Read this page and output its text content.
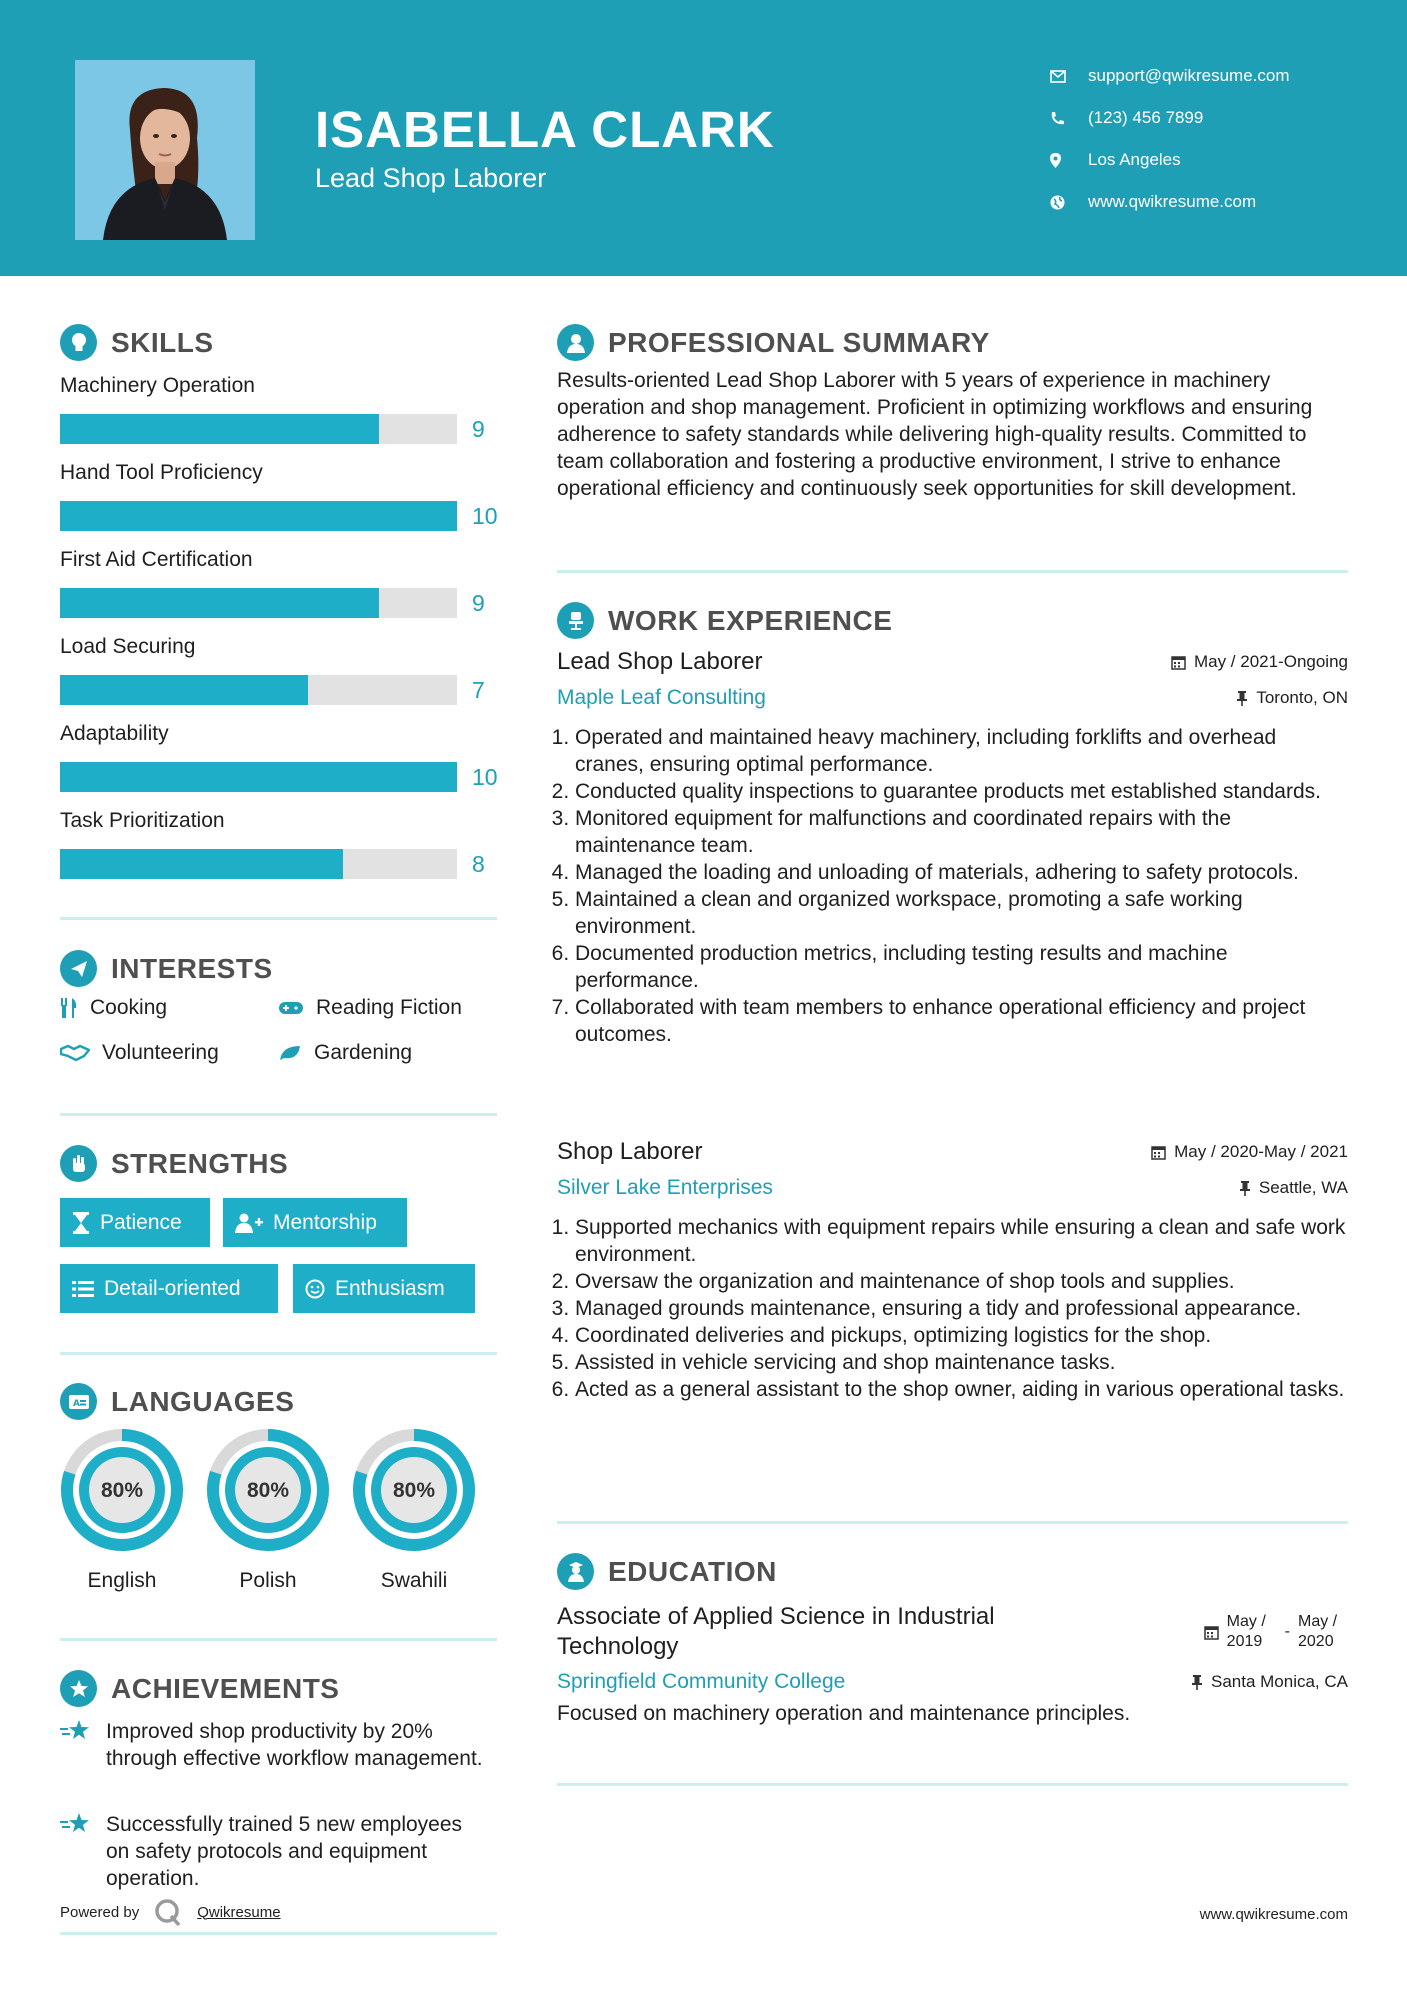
ISABELLA CLARK
Lead Shop Laborer
support@qwikresume.com
(123) 456 7899
Los Angeles
www.qwikresume.com
SKILLS
Machinery Operation
9
Hand Tool Proficiency
10
First Aid Certification
9
Load Securing
7
Adaptability
10
Task Prioritization
8
INTERESTS
Cooking	Reading Fiction
Volunteering	Gardening
STRENGTHS
Patience	Mentorship
Detail-oriented	Enthusiasm
A LANGUAGES
80%
English
80%
Polish
80%
Swahili
ACHIEVEMENTS
Improved shop productivity by 20% through effective workflow management.
Successfully trained 5 new employees on safety protocols and equipment operation.
Powered by	Qwikresume
PROFESSIONAL SUMMARY
Results-oriented Lead Shop Laborer with 5 years of experience in machinery operation and shop management. Proficient in optimizing workflows and ensuring adherence to safety standards while delivering high-quality results. Committed to team collaboration and fostering a productive environment, I strive to enhance operational efficiency and continuously seek opportunities for skill development.
WORK EXPERIENCE
Lead Shop Laborer	May / 2021-Ongoing
Maple Leaf Consulting	Toronto, ON
1. Operated and maintained heavy machinery, including forklifts and overhead cranes, ensuring optimal performance.
2. Conducted quality inspections to guarantee products met established standards.
3. Monitored equipment for malfunctions and coordinated repairs with the maintenance team.
4. Managed the loading and unloading of materials, adhering to safety protocols.
5. Maintained a clean and organized workspace, promoting a safe working environment.
6. Documented production metrics, including testing results and machine performance.
7. Collaborated with team members to enhance operational efficiency and project outcomes.
Shop Laborer	May / 2020-May / 2021
Silver Lake Enterprises	Seattle, WA
1. Supported mechanics with equipment repairs while ensuring a clean and safe work environment.
2. Oversaw the organization and maintenance of shop tools and supplies.
3. Managed grounds maintenance, ensuring a tidy and professional appearance.
4. Coordinated deliveries and pickups, optimizing logistics for the shop.
5. Assisted in vehicle servicing and shop maintenance tasks.
6. Acted as a general assistant to the shop owner, aiding in various operational tasks.
EDUCATION
Associate of Applied Science in Industrial Technology
May / 2019
-
May / 2020
Springfield Community College	Santa Monica, CA
Focused on machinery operation and maintenance principles.
www.qwikresume.com
